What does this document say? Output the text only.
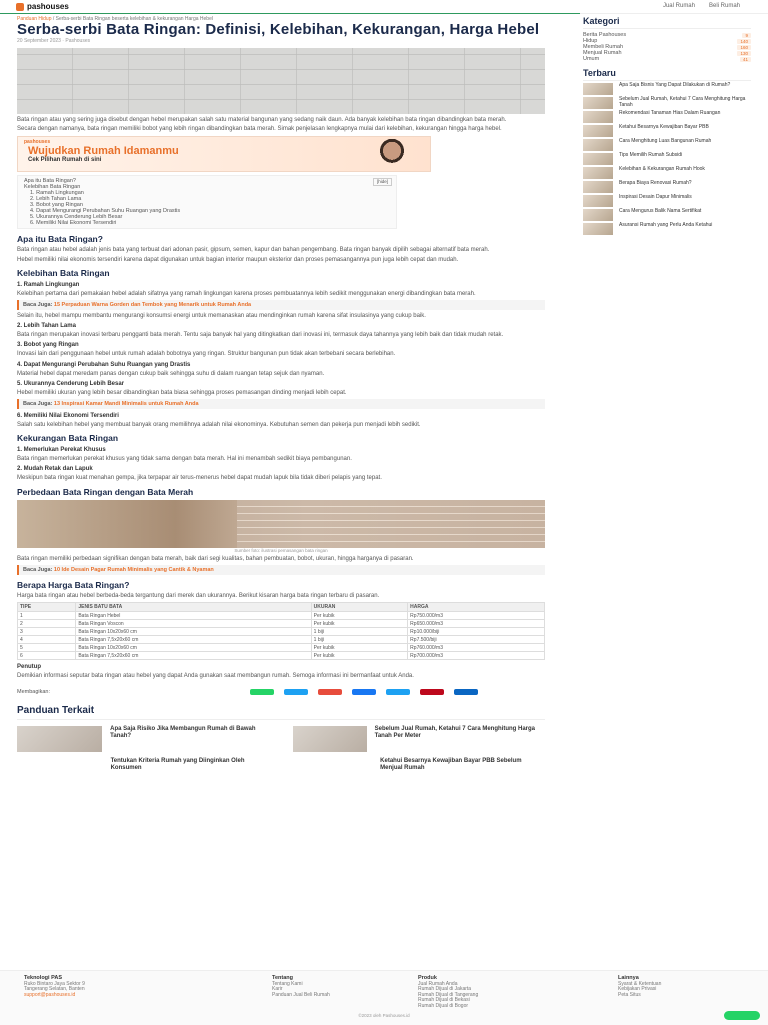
pashouses	Jual Rumah Beli Rumah
Panduan Hidup / Serba-serbi Bata Ringan beserta kelebihan & kekurangan Harga Hebel
Serba-serbi Bata Ringan: Definisi, Kelebihan, Kekurangan, Harga Hebel
20 September 2023 · Pashouses
Bata ringan atau yang sering juga disebut dengan hebel merupakan salah satu material bangunan yang sedang naik daun. Ada banyak kelebihan bata ringan dibandingkan bata merah.
Secara dengan namanya, bata ringan memiliki bobot yang lebih ringan dibandingkan bata merah. Simak penjelasan lengkapnya mulai dari kelebihan, kekurangan hingga harga hebel.
pashouses
Wujudkan Rumah Idamanmu
Cek Pilihan Rumah di sini
[hide]
Apa itu Bata Ringan?
Kelebihan Bata Ringan
1. Ramah Lingkungan
2. Lebih Tahan Lama
3. Bobot yang Ringan
4. Dapat Mengurangi Perubahan Suhu Ruangan yang Drastis
5. Ukurannya Cenderung Lebih Besar
6. Memiliki Nilai Ekonomi Tersendiri
Apa itu Bata Ringan?
Bata ringan atau hebel adalah jenis bata yang terbuat dari adonan pasir, gipsum, semen, kapur dan bahan pengembang. Bata ringan banyak dipilih sebagai alternatif bata merah.
Hebel memiliki nilai ekonomis tersendiri karena dapat digunakan untuk bagian interior maupun eksterior dan proses pemasangannya pun juga lebih cepat dan mudah.
Kelebihan Bata Ringan
1. Ramah Lingkungan
Kelebihan pertama dari pemakaian hebel adalah sifatnya yang ramah lingkungan karena proses pembuatannya lebih sedikit menggunakan energi dibandingkan bata merah.
Baca Juga: 15 Perpaduan Warna Gorden dan Tembok yang Menarik untuk Rumah Anda
Selain itu, hebel mampu membantu mengurangi konsumsi energi untuk memanaskan atau mendinginkan rumah karena sifat insulasinya yang cukup baik.
2. Lebih Tahan Lama
Bata ringan merupakan inovasi terbaru pengganti bata merah. Tentu saja banyak hal yang ditingkatkan dari inovasi ini, termasuk daya tahannya yang lebih baik dan tidak mudah retak.
3. Bobot yang Ringan
Inovasi lain dari penggunaan hebel untuk rumah adalah bobotnya yang ringan. Struktur bangunan pun tidak akan terbebani secara berlebihan.
4. Dapat Mengurangi Perubahan Suhu Ruangan yang Drastis
Material hebel dapat meredam panas dengan cukup baik sehingga suhu di dalam ruangan tetap sejuk dan nyaman.
5. Ukurannya Cenderung Lebih Besar
Hebel memiliki ukuran yang lebih besar dibandingkan bata biasa sehingga proses pemasangan dinding menjadi lebih cepat.
Baca Juga: 13 Inspirasi Kamar Mandi Minimalis untuk Rumah Anda
6. Memiliki Nilai Ekonomi Tersendiri
Salah satu kelebihan hebel yang membuat banyak orang memilihnya adalah nilai ekonominya. Kebutuhan semen dan pekerja pun menjadi lebih sedikit.
Kekurangan Bata Ringan
1. Memerlukan Perekat Khusus
Bata ringan memerlukan perekat khusus yang tidak sama dengan bata merah. Hal ini menambah sedikit biaya pembangunan.
2. Mudah Retak dan Lapuk
Meskipun bata ringan kuat menahan gempa, jika terpapar air terus-menerus hebel dapat mudah lapuk bila tidak diberi pelapis yang tepat.
Perbedaan Bata Ringan dengan Bata Merah
Sumber foto: ilustrasi pemasangan bata ringan
Bata ringan memiliki perbedaan signifikan dengan bata merah, baik dari segi kualitas, bahan pembuatan, bobot, ukuran, hingga harganya di pasaran.
Baca Juga: 10 Ide Desain Pagar Rumah Minimalis yang Cantik & Nyaman
Berapa Harga Bata Ringan?
Harga bata ringan atau hebel berbeda-beda tergantung dari merek dan ukurannya. Berikut kisaran harga bata ringan terbaru di pasaran.
TIPE	JENIS BATU BATA	UKURAN	HARGA
1	Bata Ringan Hebel	Per kubik	Rp750.000/m3
2	Bata Ringan Voscon	Per kubik	Rp650.000/m3
3	Bata Ringan 10x20x60 cm	1 biji	Rp10.000/biji
4	Bata Ringan 7,5x20x60 cm	1 biji	Rp7.500/biji
5	Bata Ringan 10x20x60 cm	Per kubik	Rp760.000/m3
6	Bata Ringan 7,5x20x60 cm	Per kubik	Rp700.000/m3
Penutup
Demikian informasi seputar bata ringan atau hebel yang dapat Anda gunakan saat membangun rumah. Semoga informasi ini bermanfaat untuk Anda.
Membagikan:
Panduan Terkait
Apa Saja Risiko Jika Membangun Rumah di Bawah Tanah?
Sebelum Jual Rumah, Ketahui 7 Cara Menghitung Harga Tanah Per Meter
Tentukan Kriteria Rumah yang Diinginkan Oleh Konsumen
Ketahui Besarnya Kewajiban Bayar PBB Sebelum Menjual Rumah
Kategori
Berita Pashouses	9
Hidup	140
Membeli Rumah	160
Menjual Rumah	130
Umum	41
Terbaru
Apa Saja Bisnis Yang Dapat Dilakukan di Rumah?
Sebelum Jual Rumah, Ketahui 7 Cara Menghitung Harga Tanah
Rekomendasi Tanaman Hias Dalam Ruangan
Ketahui Besarnya Kewajiban Bayar PBB
Cara Menghitung Luas Bangunan Rumah
Tips Memilih Rumah Subsidi
Kelebihan & Kekurangan Rumah Hook
Berapa Biaya Renovasi Rumah?
Inspirasi Desain Dapur Minimalis
Cara Mengurus Balik Nama Sertifikat
Asuransi Rumah yang Perlu Anda Ketahui
Teknologi PAS
Ruko Bintaro Jaya Sektor 9
Tangerang Selatan, Banten
support@pashouses.id
Tentang
Tentang Kami
Karir
Panduan Jual Beli Rumah
Produk
Jual Rumah Anda
Rumah Dijual di Jakarta
Rumah Dijual di Tangerang
Rumah Dijual di Bekasi
Rumah Dijual di Bogor
Lainnya
Syarat & Ketentuan
Kebijakan Privasi
Peta Situs
©2023 oleh Pashouses.id
